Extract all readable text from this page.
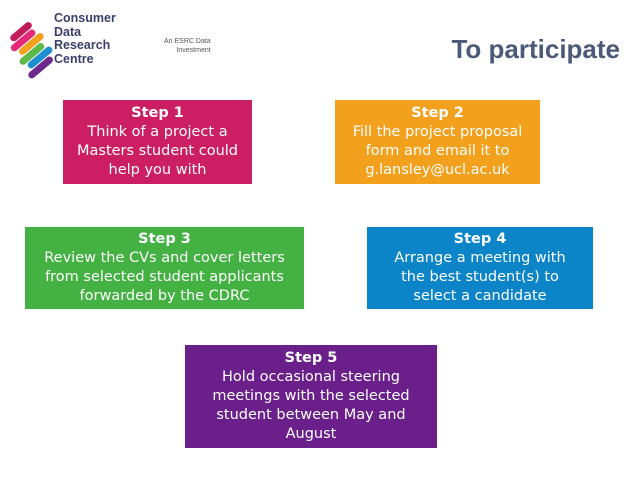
Consumer
Data
Research
Centre
An ESRC Data
Investment	To participate
Step 1
Think of a project a
Masters student could
help you with
Step 2
Fill the project proposal
form and email it to
g.lansley@ucl.ac.uk
Step 3
Review the CVs and cover letters
from selected student applicants
forwarded by the CDRC
Step 4
Arrange a meeting with
the best student(s) to
select a candidate
Step 5
Hold occasional steering
meetings with the selected
student between May and
August
